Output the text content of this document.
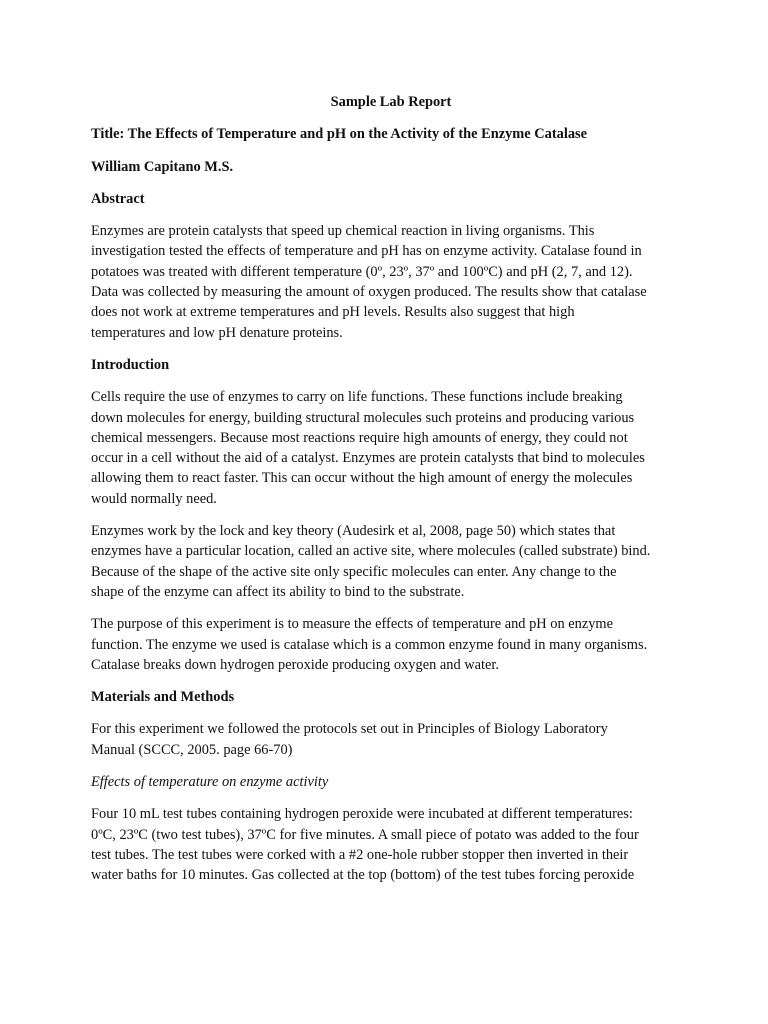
Sample Lab Report
Title: The Effects of Temperature and pH on the Activity of the Enzyme Catalase
William Capitano M.S.
Abstract
Enzymes are protein catalysts that speed up chemical reaction in living organisms. This
investigation tested the effects of temperature and pH has on enzyme activity. Catalase found in
potatoes was treated with different temperature (0º, 23º, 37º and 100ºC) and pH (2, 7, and 12).
Data was collected by measuring the amount of oxygen produced. The results show that catalase
does not work at extreme temperatures and pH levels. Results also suggest that high
temperatures and low pH denature proteins.
Introduction
Cells require the use of enzymes to carry on life functions. These functions include breaking
down molecules for energy, building structural molecules such proteins and producing various
chemical messengers. Because most reactions require high amounts of energy, they could not
occur in a cell without the aid of a catalyst. Enzymes are protein catalysts that bind to molecules
allowing them to react faster. This can occur without the high amount of energy the molecules
would normally need.
Enzymes work by the lock and key theory (Audesirk et al, 2008, page 50) which states that
enzymes have a particular location, called an active site, where molecules (called substrate) bind.
Because of the shape of the active site only specific molecules can enter. Any change to the
shape of the enzyme can affect its ability to bind to the substrate.
The purpose of this experiment is to measure the effects of temperature and pH on enzyme
function. The enzyme we used is catalase which is a common enzyme found in many organisms.
Catalase breaks down hydrogen peroxide producing oxygen and water.
Materials and Methods
For this experiment we followed the protocols set out in Principles of Biology Laboratory
Manual (SCCC, 2005. page 66-70)
Effects of temperature on enzyme activity
Four 10 mL test tubes containing hydrogen peroxide were incubated at different temperatures:
0ºC, 23ºC (two test tubes), 37ºC for five minutes. A small piece of potato was added to the four
test tubes. The test tubes were corked with a #2 one-hole rubber stopper then inverted in their
water baths for 10 minutes. Gas collected at the top (bottom) of the test tubes forcing peroxide
